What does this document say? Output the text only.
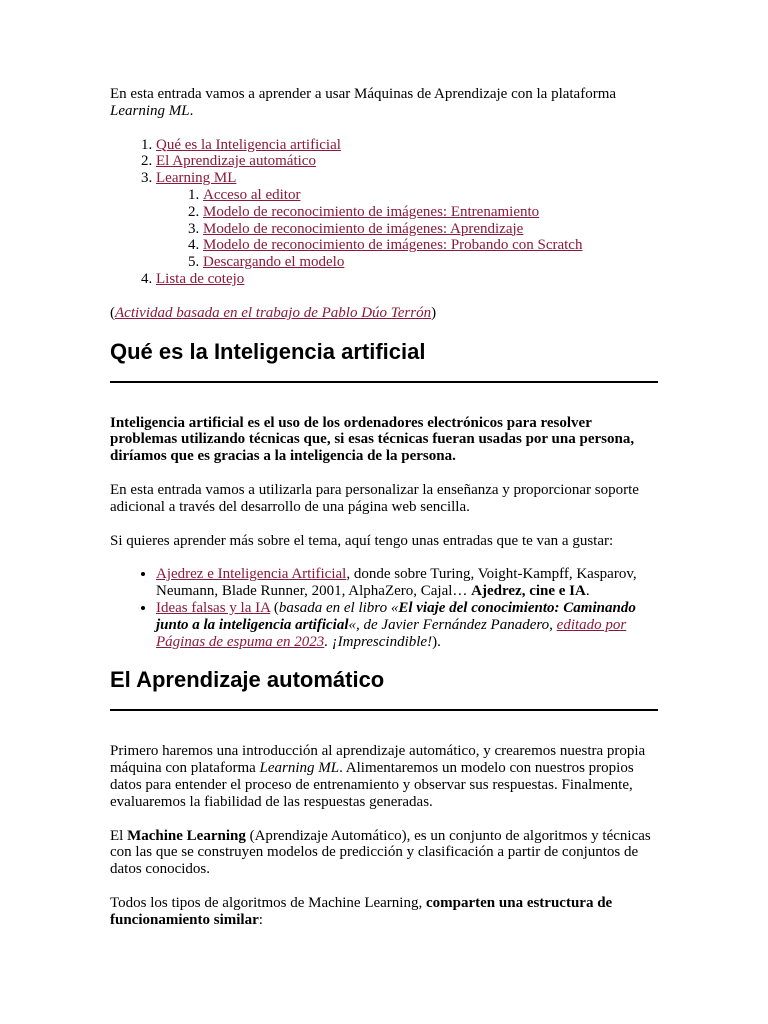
En esta entrada vamos a aprender a usar Máquinas de Aprendizaje con la plataforma Learning ML.

1. Qué es la Inteligencia artificial
2. El Aprendizaje automático
3. Learning ML
1. Acceso al editor
2. Modelo de reconocimiento de imágenes: Entrenamiento
3. Modelo de reconocimiento de imágenes: Aprendizaje
4. Modelo de reconocimiento de imágenes: Probando con Scratch
5. Descargando el modelo
4. Lista de cotejo

(Actividad basada en el trabajo de Pablo Dúo Terrón)

Qué es la Inteligencia artificial

Inteligencia artificial es el uso de los ordenadores electrónicos para resolver problemas utilizando técnicas que, si esas técnicas fueran usadas por una persona, diríamos que es gracias a la inteligencia de la persona.

En esta entrada vamos a utilizarla para personalizar la enseñanza y proporcionar soporte adicional a través del desarrollo de una página web sencilla.

Si quieres aprender más sobre el tema, aquí tengo unas entradas que te van a gustar:

• Ajedrez e Inteligencia Artificial, donde sobre Turing, Voight-Kampff, Kasparov, Neumann, Blade Runner, 2001, AlphaZero, Cajal… Ajedrez, cine e IA.
• Ideas falsas y la IA (basada en el libro «El viaje del conocimiento: Caminando junto a la inteligencia artificial«, de Javier Fernández Panadero, editado por Páginas de espuma en 2023. ¡Imprescindible!).
El Aprendizaje automático

Primero haremos una introducción al aprendizaje automático, y crearemos nuestra propia máquina con plataforma Learning ML. Alimentaremos un modelo con nuestros propios datos para entender el proceso de entrenamiento y observar sus respuestas. Finalmente, evaluaremos la fiabilidad de las respuestas generadas.

El Machine Learning (Aprendizaje Automático), es un conjunto de algoritmos y técnicas con las que se construyen modelos de predicción y clasificación a partir de conjuntos de datos conocidos.

Todos los tipos de algoritmos de Machine Learning, comparten una estructura de funcionamiento similar:
